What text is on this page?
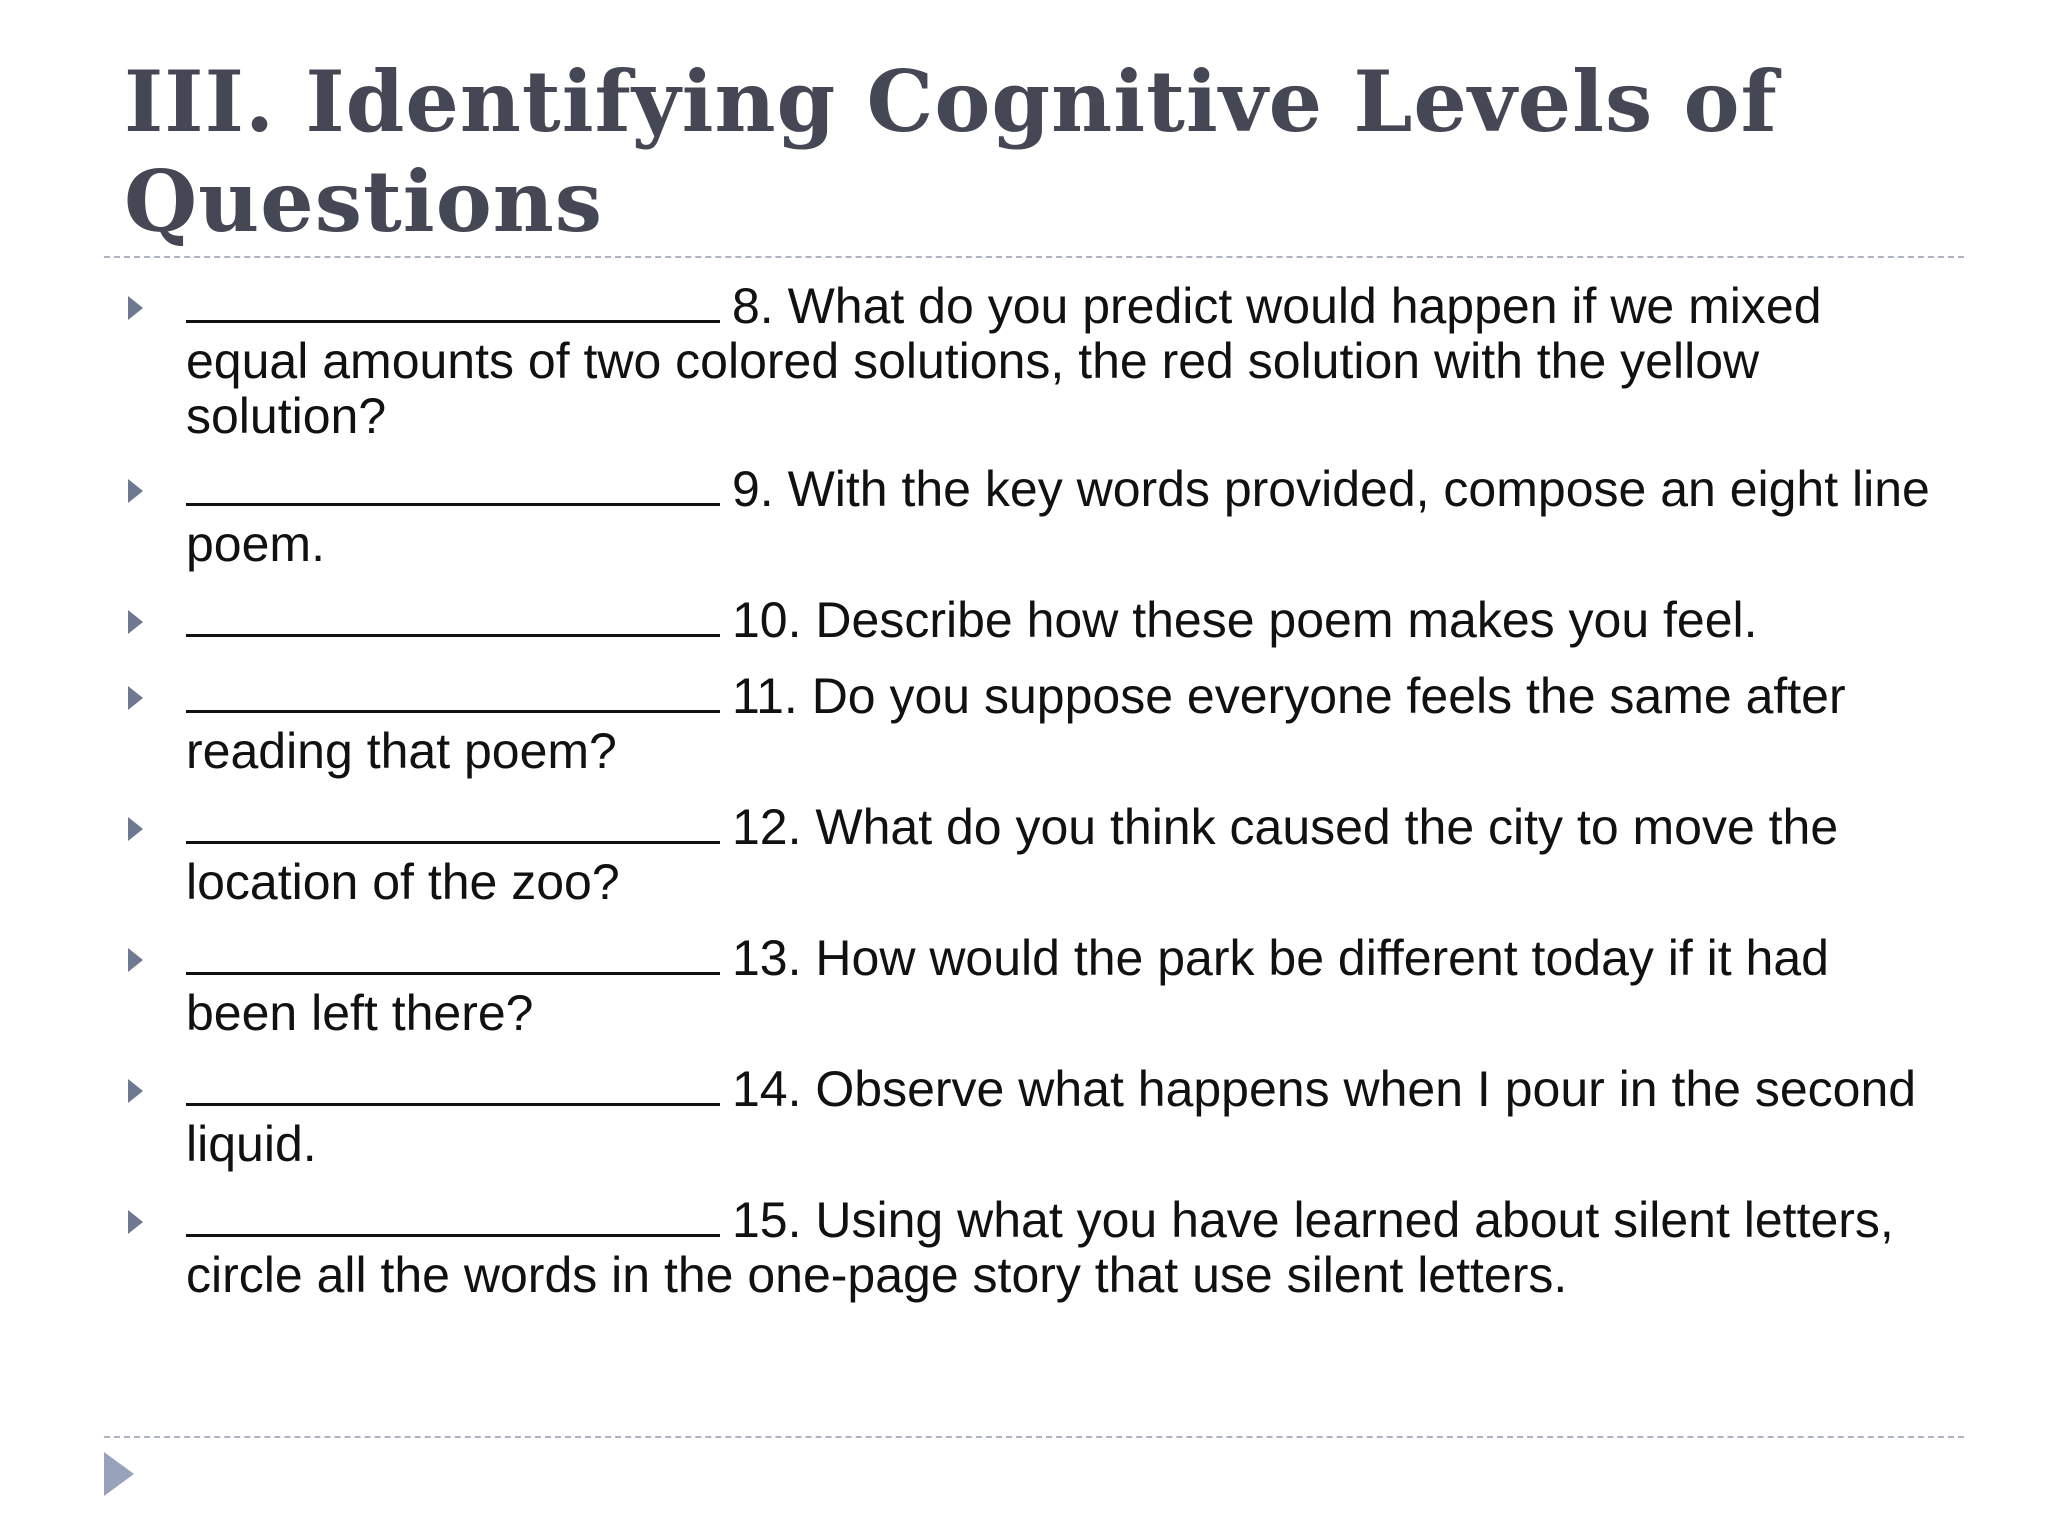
III. Identifying Cognitive Levels of Questions
8. What do you predict would happen if we mixed equal amounts of two colored solutions, the red solution with the yellow solution?
9. With the key words provided, compose an eight line poem.
10. Describe how these poem makes you feel.
11. Do you suppose everyone feels the same after reading that poem?
12. What do you think caused the city to move the location of the zoo?
13. How would the park be different today if it had been left there?
14. Observe what happens when I pour in the second liquid.
15. Using what you have learned about silent letters, circle all the words in the one-page story that use silent letters.
